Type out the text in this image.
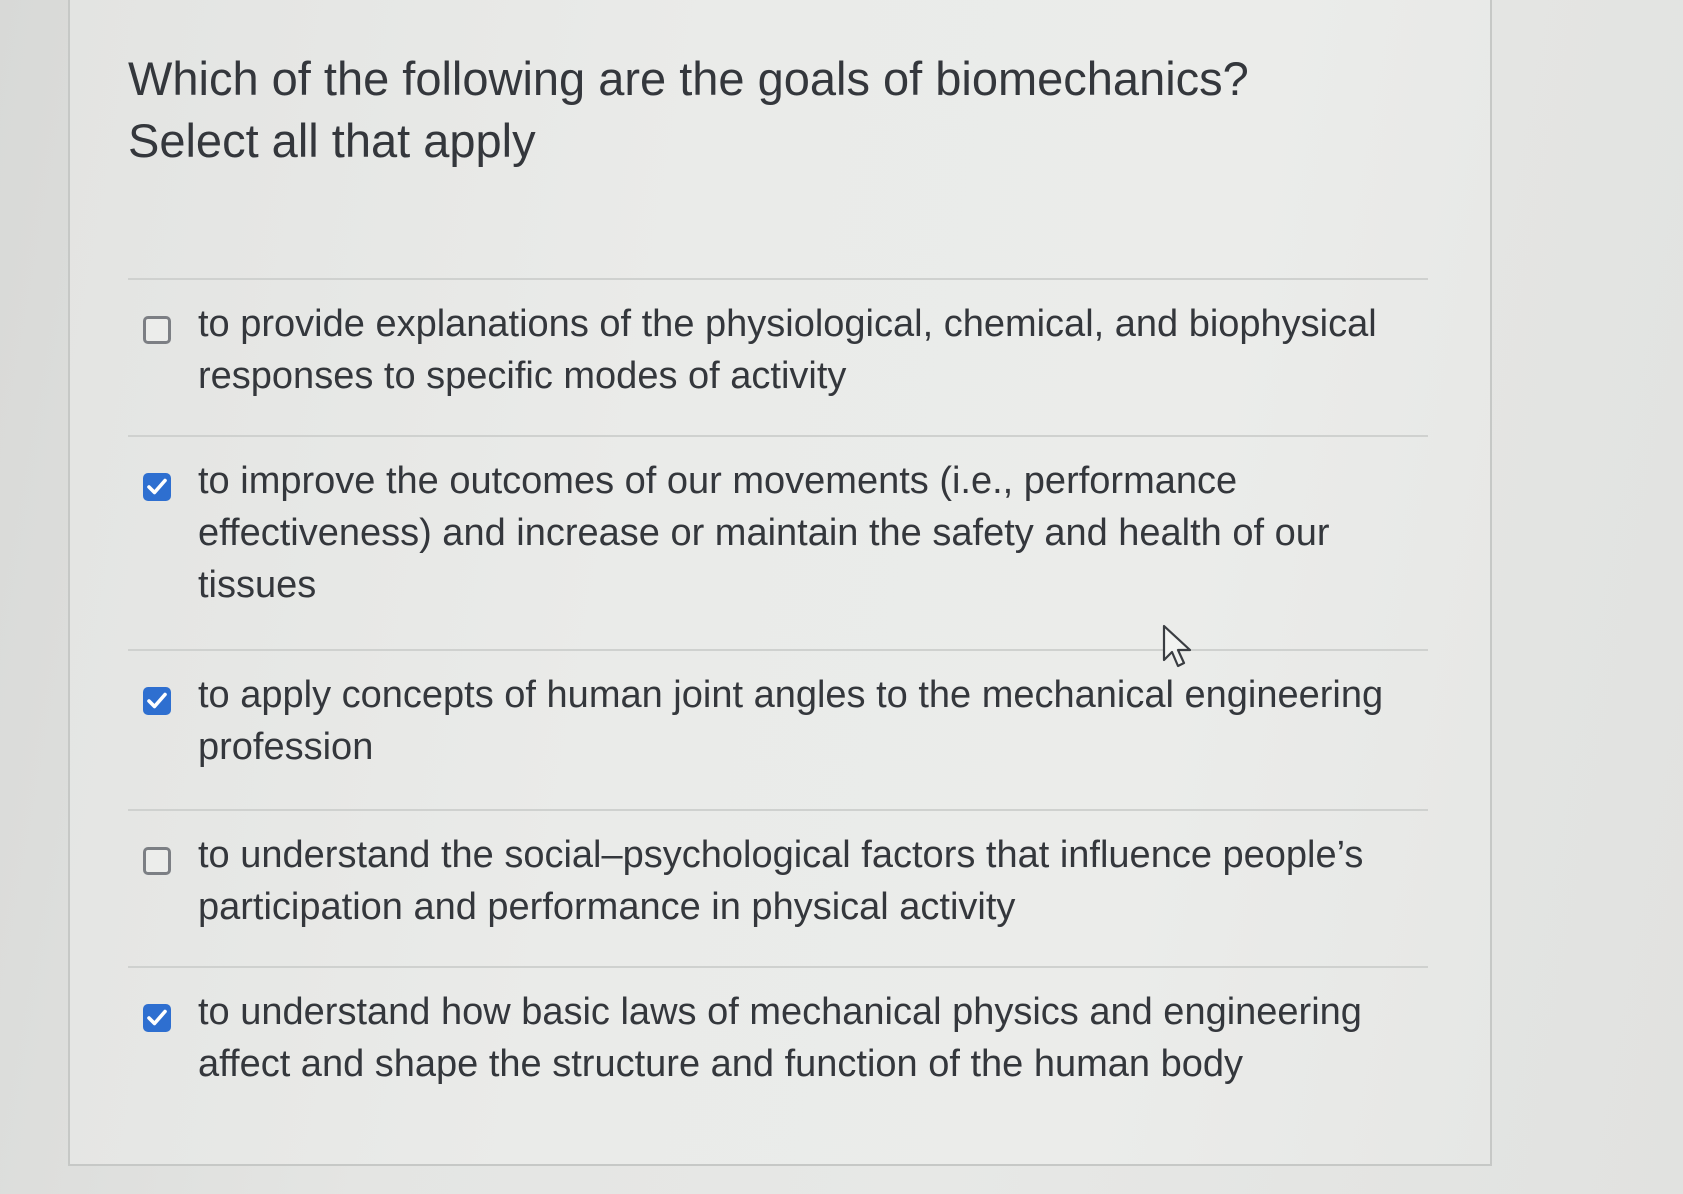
Which of the following are the goals of biomechanics? Select all that apply
to provide explanations of the physiological, chemical, and biophysical responses to specific modes of activity
to improve the outcomes of our movements (i.e., performance effectiveness) and increase or maintain the safety and health of our tissues
to apply concepts of human joint angles to the mechanical engineering profession
to understand the social–psychological factors that influence people’s participation and performance in physical activity
to understand how basic laws of mechanical physics and engineering affect and shape the structure and function of the human body
